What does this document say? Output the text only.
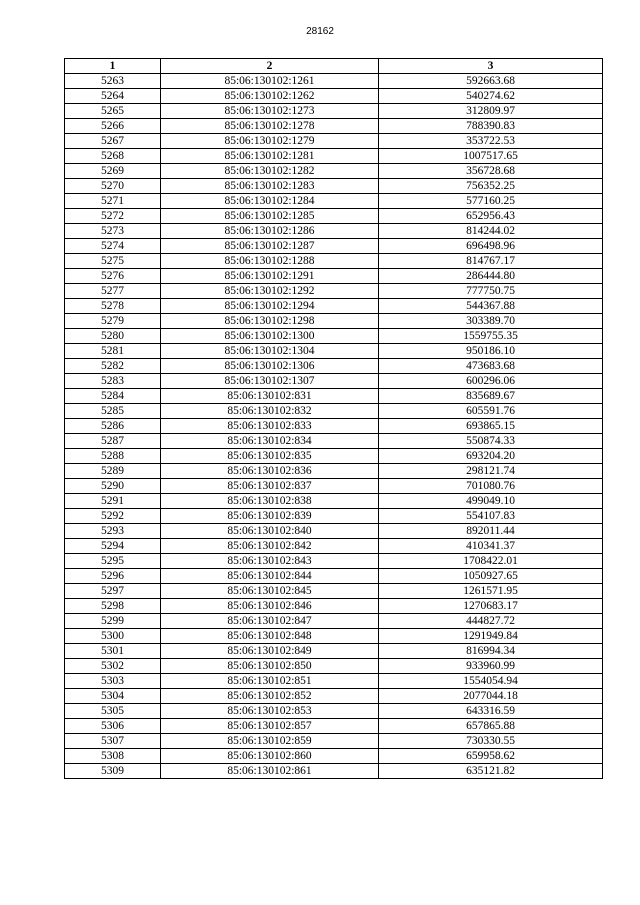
28162
1	2	3
5263	85:06:130102:1261	592663.68
5264	85:06:130102:1262	540274.62
5265	85:06:130102:1273	312809.97
5266	85:06:130102:1278	788390.83
5267	85:06:130102:1279	353722.53
5268	85:06:130102:1281	1007517.65
5269	85:06:130102:1282	356728.68
5270	85:06:130102:1283	756352.25
5271	85:06:130102:1284	577160.25
5272	85:06:130102:1285	652956.43
5273	85:06:130102:1286	814244.02
5274	85:06:130102:1287	696498.96
5275	85:06:130102:1288	814767.17
5276	85:06:130102:1291	286444.80
5277	85:06:130102:1292	777750.75
5278	85:06:130102:1294	544367.88
5279	85:06:130102:1298	303389.70
5280	85:06:130102:1300	1559755.35
5281	85:06:130102:1304	950186.10
5282	85:06:130102:1306	473683.68
5283	85:06:130102:1307	600296.06
5284	85:06:130102:831	835689.67
5285	85:06:130102:832	605591.76
5286	85:06:130102:833	693865.15
5287	85:06:130102:834	550874.33
5288	85:06:130102:835	693204.20
5289	85:06:130102:836	298121.74
5290	85:06:130102:837	701080.76
5291	85:06:130102:838	499049.10
5292	85:06:130102:839	554107.83
5293	85:06:130102:840	892011.44
5294	85:06:130102:842	410341.37
5295	85:06:130102:843	1708422.01
5296	85:06:130102:844	1050927.65
5297	85:06:130102:845	1261571.95
5298	85:06:130102:846	1270683.17
5299	85:06:130102:847	444827.72
5300	85:06:130102:848	1291949.84
5301	85:06:130102:849	816994.34
5302	85:06:130102:850	933960.99
5303	85:06:130102:851	1554054.94
5304	85:06:130102:852	2077044.18
5305	85:06:130102:853	643316.59
5306	85:06:130102:857	657865.88
5307	85:06:130102:859	730330.55
5308	85:06:130102:860	659958.62
5309	85:06:130102:861	635121.82
